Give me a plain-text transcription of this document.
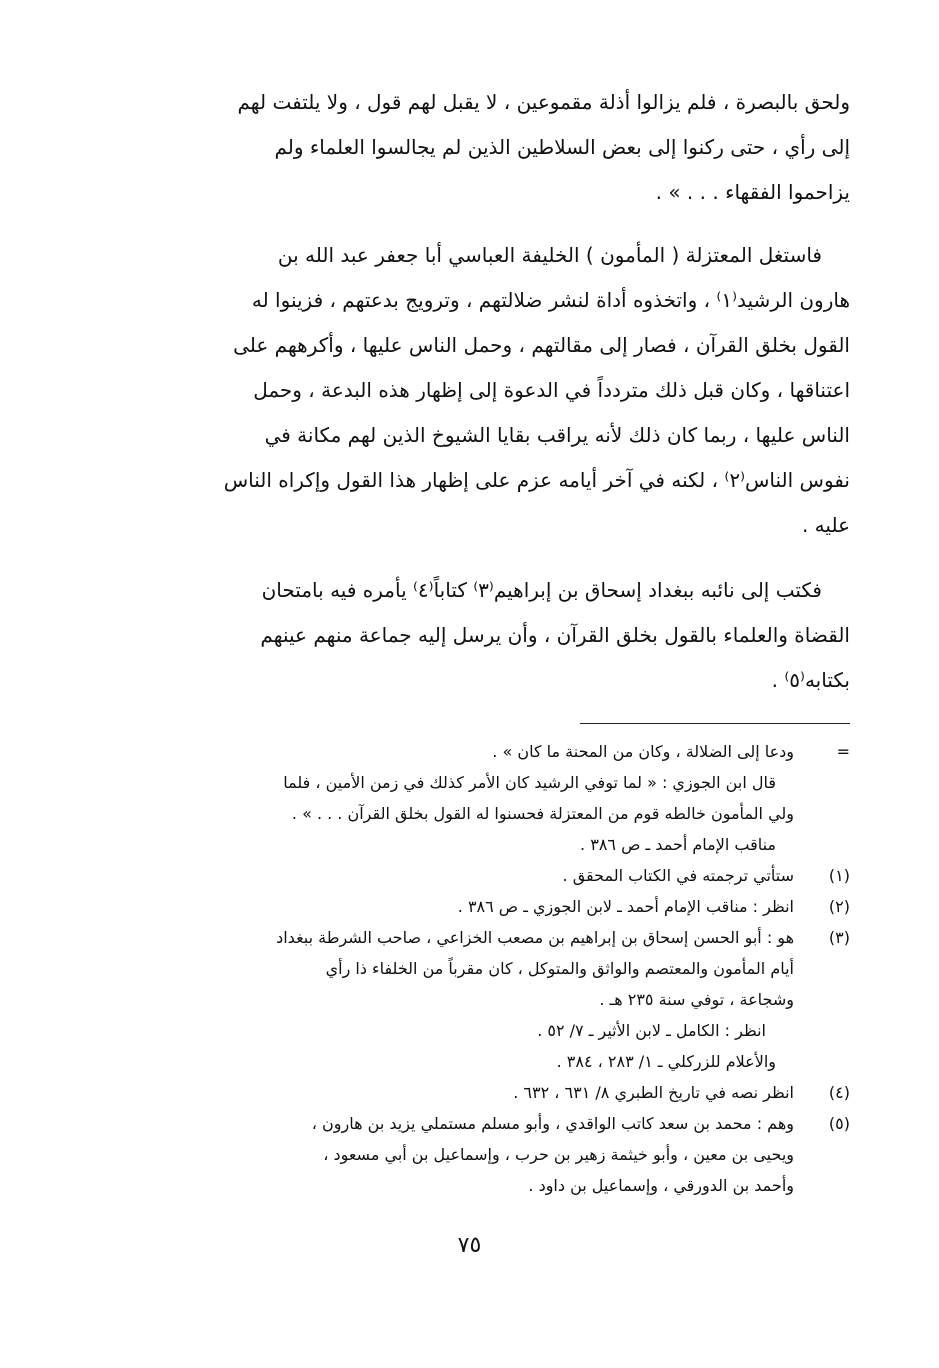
ولحق بالبصرة ، فلم يزالوا أذلة مقموعين ، لا يقبل لهم قول ، ولا يلتفت لهم
إلى رأي ، حتى ركنوا إلى بعض السلاطين الذين لم يجالسوا العلماء ولم
يزاحموا الفقهاء . . . » .

فاستغل المعتزلة ( المأمون ) الخليفة العباسي أبا جعفر عبد الله بن
هارون الرشيد⁽١⁾ ، واتخذوه أداة لنشر ضلالتهم ، وترويج بدعتهم ، فزينوا له
القول بخلق القرآن ، فصار إلى مقالتهم ، وحمل الناس عليها ، وأكرههم على
اعتناقها ، وكان قبل ذلك متردداً في الدعوة إلى إظهار هذه البدعة ، وحمل
الناس عليها ، ربما كان ذلك لأنه يراقب بقايا الشيوخ الذين لهم مكانة في
نفوس الناس⁽٢⁾ ، لكنه في آخر أيامه عزم على إظهار هذا القول وإكراه الناس
عليه .

فكتب إلى نائبه ببغداد إسحاق بن إبراهيم⁽٣⁾ كتاباً⁽٤⁾ يأمره فيه بامتحان
القضاة والعلماء بالقول بخلق القرآن ، وأن يرسل إليه جماعة منهم عينهم
بكتابه⁽٥⁾ .

=
ودعا إلى الضلالة ، وكان من المحنة ما كان » .
قال ابن الجوزي : « لما توفي الرشيد كان الأمر كذلك في زمن الأمين ، فلما
ولي المأمون خالطه قوم من المعتزلة فحسنوا له القول بخلق القرآن . . . » .
مناقب الإمام أحمد ـ ص ٣٨٦ .
(١)
ستأتي ترجمته في الكتاب المحقق .
(٢)
انظر : مناقب الإمام أحمد ـ لابن الجوزي ـ ص ٣٨٦ .
(٣)
هو : أبو الحسن إسحاق بن إبراهيم بن مصعب الخزاعي ، صاحب الشرطة ببغداد
أيام المأمون والمعتصم والواثق والمتوكل ، كان مقرباً من الخلفاء ذا رأي
وشجاعة ، توفي سنة ٢٣٥ هـ .
انظر : الكامل ـ لابن الأثير ـ ٧/ ٥٢ .
والأعلام للزركلي ـ ١/ ٢٨٣ ، ٣٨٤ .
(٤)
انظر نصه في تاريخ الطبري ٨/ ٦٣١ ، ٦٣٢ .
(٥)
وهم : محمد بن سعد كاتب الواقدي ، وأبو مسلم مستملي يزيد بن هارون ،
ويحيى بن معين ، وأبو خيثمة زهير بن حرب ، وإسماعيل بن أبي مسعود ،
وأحمد بن الدورقي ، وإسماعيل بن داود .
٧٥
